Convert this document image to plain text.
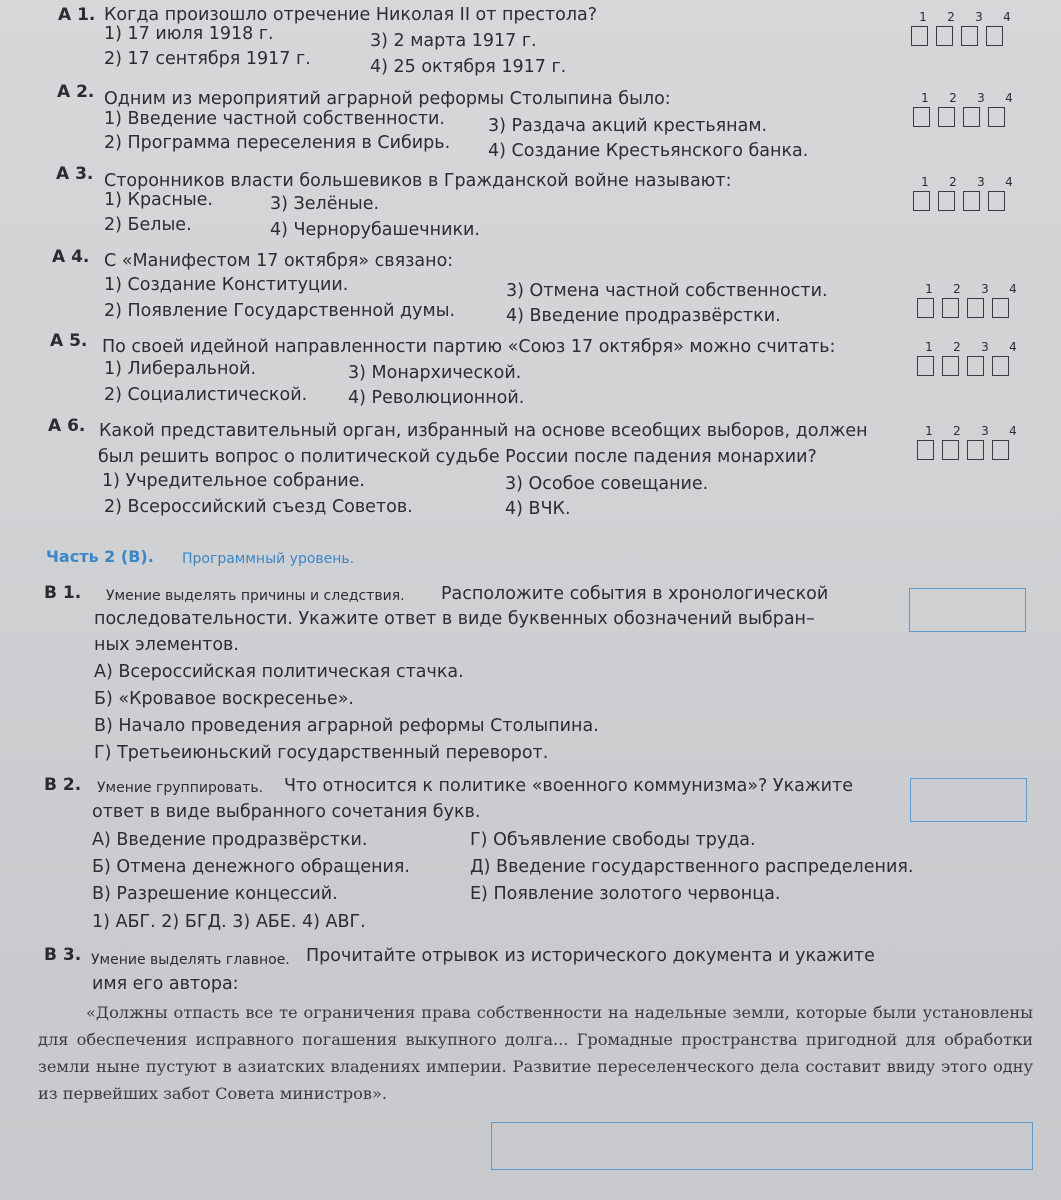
А 1. Когда произошло отречение Николая II от престола?
1) 17 июля 1918 г.
2) 17 сентября 1917 г.
3) 2 марта 1917 г.
4) 25 октября 1917 г.
1 2 3 4
А 2. Одним из мероприятий аграрной реформы Столыпина было:
1) Введение частной собственности.
2) Программа переселения в Сибирь.
3) Раздача акций крестьянам.
4) Создание Крестьянского банка.
1 2 3 4
А 3. Сторонников власти большевиков в Гражданской войне называют:
1) Красные.
2) Белые.
3) Зелёные.
4) Чернорубашечники.
1 2 3 4
А 4. С «Манифестом 17 октября» связано:
1) Создание Конституции.
2) Появление Государственной думы.
3) Отмена частной собственности.
4) Введение продразвёрстки.
1 2 3 4
А 5. По своей идейной направленности партию «Союз 17 октября» можно считать:
1) Либеральной.
2) Социалистической.
3) Монархической.
4) Революционной.
1 2 3 4
А 6. Какой представительный орган, избранный на основе всеобщих выборов, должен
был решить вопрос о политической судьбе России после падения монархии?
1) Учредительное собрание.
2) Всероссийский съезд Советов.
3) Особое совещание.
4) ВЧК.
1 2 3 4
Часть 2 (В). Программный уровень.
В 1. Умение выделять причины и следствия. Расположите события в хронологической
последовательности. Укажите ответ в виде буквенных обозначений выбран–
ных элементов.
А) Всероссийская политическая стачка.
Б) «Кровавое воскресенье».
В) Начало проведения аграрной реформы Столыпина.
Г) Третьеиюньский государственный переворот.
В 2. Умение группировать. Что относится к политике «военного коммунизма»? Укажите
ответ в виде выбранного сочетания букв.
А) Введение продразвёрстки.
Б) Отмена денежного обращения.
В) Разрешение концессий.
Г) Объявление свободы труда.
Д) Введение государственного распределения.
Е) Появление золотого червонца.
1) АБГ. 2) БГД. 3) АБЕ. 4) АВГ.
В 3. Умение выделять главное. Прочитайте отрывок из исторического документа и укажите
имя его автора:
«Должны отпасть все те ограничения права собственности на надельные земли, которые были установлены для обеспечения исправного погашения выкупного долга... Громадные пространства пригодной для обработки земли ныне пустуют в азиатских владениях империи. Развитие переселенческого дела составит ввиду этого одну из первейших забот Совета министров».
